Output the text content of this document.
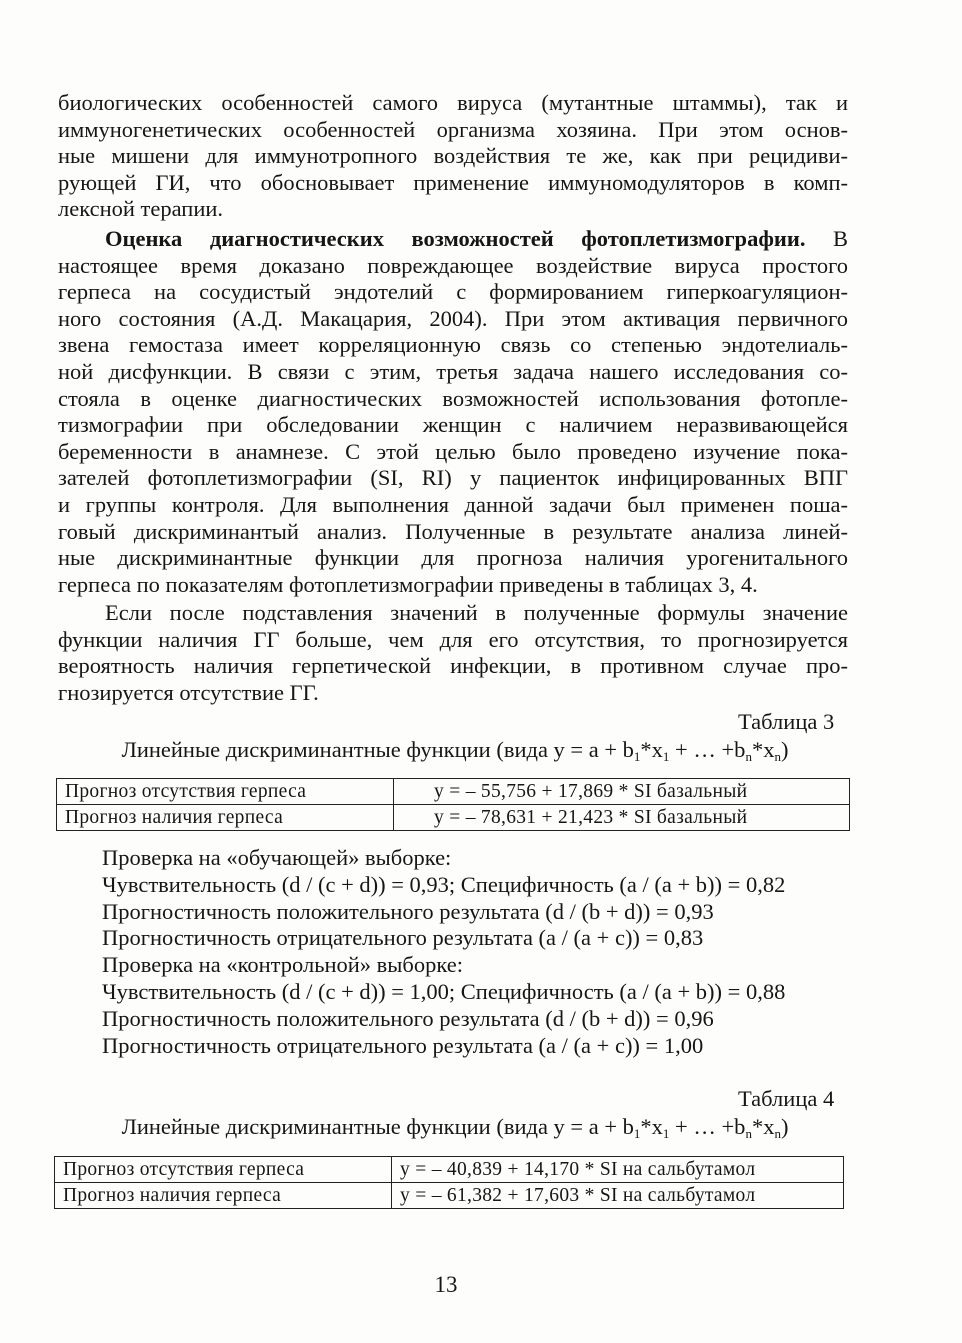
биологических особенностей самого вируса (мутантные штаммы), так и
иммуногенетических особенностей организма хозяина. При этом основ-
ные мишени для иммунотропного воздействия те же, как при рецидиви-
рующей ГИ, что обосновывает применение иммуномодуляторов в комп-
лексной терапии.
Оценка диагностических возможностей фотоплетизмографии. В
настоящее время доказано повреждающее воздействие вируса простого
герпеса на сосудистый эндотелий с формированием гиперкоагуляцион-
ного состояния (А.Д. Макацария, 2004). При этом активация первичного
звена гемостаза имеет корреляционную связь со степенью эндотелиаль-
ной дисфункции. В связи с этим, третья задача нашего исследования со-
стояла в оценке диагностических возможностей использования фотопле-
тизмографии при обследовании женщин с наличием неразвивающейся
беременности в анамнезе. С этой целью было проведено изучение пока-
зателей фотоплетизмографии (SI, RI) у пациенток инфицированных ВПГ
и группы контроля. Для выполнения данной задачи был применен поша-
говый дискриминантый анализ. Полученные в результате анализа линей-
ные дискриминантные функции для прогноза наличия урогенитального
герпеса по показателям фотоплетизмографии приведены в таблицах 3, 4.
Если после подставления значений в полученные формулы значение
функции наличия ГГ больше, чем для его отсутствия, то прогнозируется
вероятность наличия герпетической инфекции, в противном случае про-
гнозируется отсутствие ГГ.
Таблица 3
Линейные дискриминантные функции (вида $y = a + b_1*x_1$ + … $+b_n*x_n$)
Прогноз отсутствия герпеса	y = – 55,756 + 17,869 * SI базальный
Прогноз наличия герпеса	y = – 78,631 + 21,423 * SI базальный
Проверка на «обучающей» выборке:
Чувствительность (d / (c + d)) = 0,93; Специфичность (a / (a + b)) = 0,82
Прогностичность положительного результата (d / (b + d)) = 0,93
Прогностичность отрицательного результата (a / (a + c)) = 0,83
Проверка на «контрольной» выборке:
Чувствительность (d / (c + d)) = 1,00; Специфичность (a / (a + b)) = 0,88
Прогностичность положительного результата (d / (b + d)) = 0,96
Прогностичность отрицательного результата (a / (a + c)) = 1,00
Таблица 4
Линейные дискриминантные функции (вида $y = a + b_1*x_1$ + … $+b_n*x_n$)
Прогноз отсутствия герпеса	y = – 40,839 + 14,170 * SI на сальбутамол
Прогноз наличия герпеса	y = – 61,382 + 17,603 * SI на сальбутамол
13
